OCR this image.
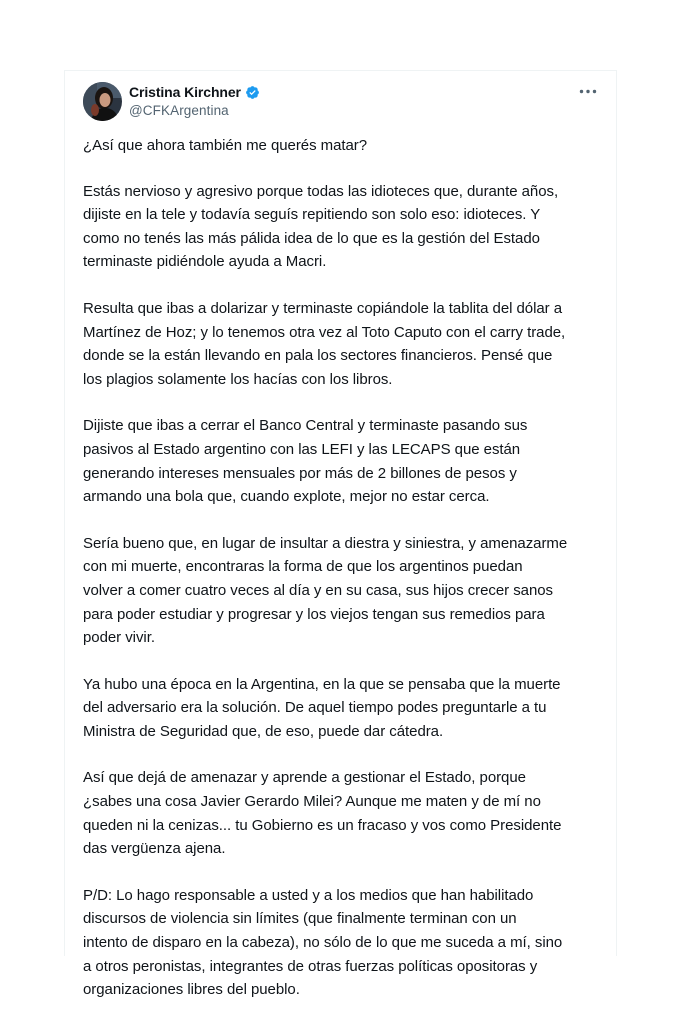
Cristina Kirchner
@CFKArgentina

¿Así que ahora también me querés matar?

Estás nervioso y agresivo porque todas las idioteces que, durante años,
dijiste en la tele y todavía seguís repitiendo son solo eso: idioteces. Y
como no tenés las más pálida idea de lo que es la gestión del Estado
terminaste pidiéndole ayuda a Macri.

Resulta que ibas a dolarizar y terminaste copiándole la tablita del dólar a
Martínez de Hoz; y lo tenemos otra vez al Toto Caputo con el carry trade,
donde se la están llevando en pala los sectores financieros. Pensé que
los plagios solamente los hacías con los libros.

Dijiste que ibas a cerrar el Banco Central y terminaste pasando sus
pasivos al Estado argentino con las LEFI y las LECAPS que están
generando intereses mensuales por más de 2 billones de pesos y
armando una bola que, cuando explote, mejor no estar cerca.

Sería bueno que, en lugar de insultar a diestra y siniestra, y amenazarme
con mi muerte, encontraras la forma de que los argentinos puedan
volver a comer cuatro veces al día y en su casa, sus hijos crecer sanos
para poder estudiar y progresar y los viejos tengan sus remedios para
poder vivir.

Ya hubo una época en la Argentina, en la que se pensaba que la muerte
del adversario era la solución. De aquel tiempo podes preguntarle a tu
Ministra de Seguridad que, de eso, puede dar cátedra.

Así que dejá de amenazar y aprende a gestionar el Estado, porque
¿sabes una cosa Javier Gerardo Milei? Aunque me maten y de mí no
queden ni la cenizas... tu Gobierno es un fracaso y vos como Presidente
das vergüenza ajena.

P/D: Lo hago responsable a usted y a los medios que han habilitado
discursos de violencia sin límites (que finalmente terminan con un
intento de disparo en la cabeza), no sólo de lo que me suceda a mí, sino
a otros peronistas, integrantes de otras fuerzas políticas opositoras y
organizaciones libres del pueblo.
